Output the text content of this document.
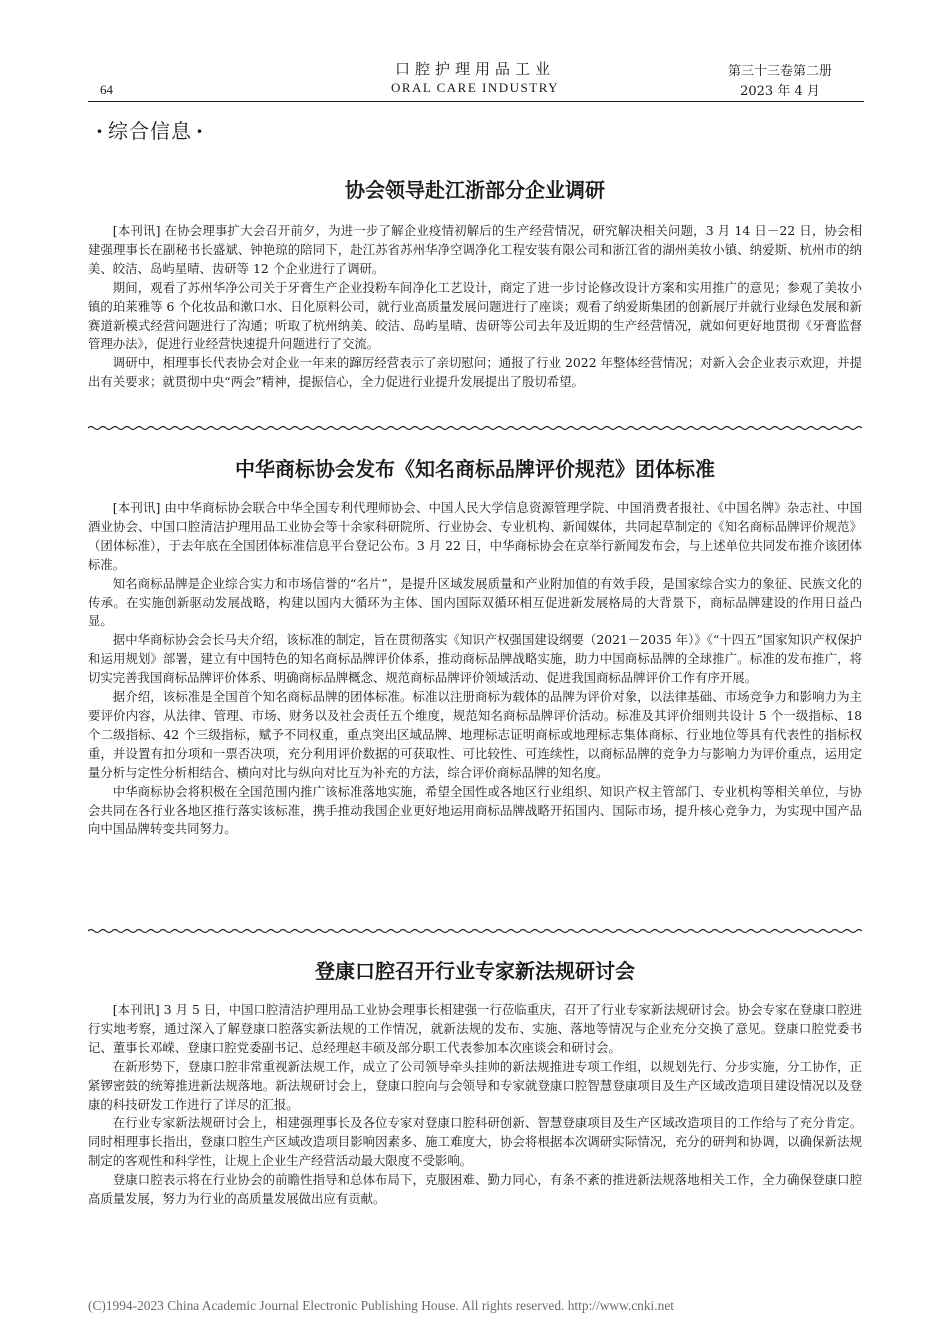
64
口腔护理用品工业
ORAL CARE INDUSTRY
第三十三卷第二册
2023 年 4 月
· 综合信息 ·
协会领导赴江浙部分企业调研

[本刊讯] 在协会理事扩大会召开前夕，为进一步了解企业疫情初解后的生产经营情况，研究解决相关问题，3 月 14 日－22 日，协会相建强理事长在副秘书长盛斌、钟艳琼的陪同下，赴江苏省苏州华净空调净化工程安装有限公司和浙江省的湖州美妆小镇、纳爱斯、杭州市的纳美、皎洁、岛屿星晴、齿研等 12 个企业进行了调研。

期间，观看了苏州华净公司关于牙膏生产企业投粉车间净化工艺设计，商定了进一步讨论修改设计方案和实用推广的意见；参观了美妆小镇的珀莱雅等 6 个化妆品和漱口水、日化原料公司，就行业高质量发展问题进行了座谈；观看了纳爱斯集团的创新展厅并就行业绿色发展和新赛道新模式经营问题进行了沟通；听取了杭州纳美、皎洁、岛屿星晴、齿研等公司去年及近期的生产经营情况，就如何更好地贯彻《牙膏监督管理办法》，促进行业经营快速提升问题进行了交流。

调研中，相理事长代表协会对企业一年来的蹿厉经营表示了亲切慰问；通报了行业 2022 年整体经营情况；对新入会企业表示欢迎，并提出有关要求；就贯彻中央“两会”精神，提振信心，全力促进行业提升发展提出了殷切希望。

中华商标协会发布《知名商标品牌评价规范》团体标准

[本刊讯] 由中华商标协会联合中华全国专利代理师协会、中国人民大学信息资源管理学院、中国消费者报社、《中国名牌》杂志社、中国酒业协会、中国口腔清洁护理用品工业协会等十余家科研院所、行业协会、专业机构、新闻媒体，共同起草制定的《知名商标品牌评价规范》（团体标准），于去年底在全国团体标准信息平台登记公布。3 月 22 日，中华商标协会在京举行新闻发布会，与上述单位共同发布推介该团体标准。

知名商标品牌是企业综合实力和市场信誉的“名片”，是提升区域发展质量和产业附加值的有效手段，是国家综合实力的象征、民族文化的传承。在实施创新驱动发展战略，构建以国内大循环为主体、国内国际双循环相互促进新发展格局的大背景下，商标品牌建设的作用日益凸显。

据中华商标协会会长马夫介绍，该标准的制定，旨在贯彻落实《知识产权强国建设纲要（2021－2035 年）》《“十四五”国家知识产权保护和运用规划》部署，建立有中国特色的知名商标品牌评价体系，推动商标品牌战略实施，助力中国商标品牌的全球推广。标准的发布推广，将切实完善我国商标品牌评价体系、明确商标品牌概念、规范商标品牌评价领域活动、促进我国商标品牌评价工作有序开展。

据介绍，该标准是全国首个知名商标品牌的团体标准。标准以注册商标为载体的品牌为评价对象，以法律基础、市场竞争力和影响力为主要评价内容，从法律、管理、市场、财务以及社会责任五个维度，规范知名商标品牌评价活动。标准及其评价细则共设计 5 个一级指标、18 个二级指标、42 个三级指标，赋予不同权重，重点突出区域品牌、地理标志证明商标或地理标志集体商标、行业地位等具有代表性的指标权重，并设置有扣分项和一票否决项，充分利用评价数据的可获取性、可比较性、可连续性，以商标品牌的竞争力与影响力为评价重点，运用定量分析与定性分析相结合、横向对比与纵向对比互为补充的方法，综合评价商标品牌的知名度。

中华商标协会将积极在全国范围内推广该标准落地实施，希望全国性或各地区行业组织、知识产权主管部门、专业机构等相关单位，与协会共同在各行业各地区推行落实该标准，携手推动我国企业更好地运用商标品牌战略开拓国内、国际市场，提升核心竞争力，为实现中国产品向中国品牌转变共同努力。

登康口腔召开行业专家新法规研讨会

[本刊讯] 3 月 5 日，中国口腔清洁护理用品工业协会理事长相建强一行莅临重庆，召开了行业专家新法规研讨会。协会专家在登康口腔进行实地考察，通过深入了解登康口腔落实新法规的工作情况，就新法规的发布、实施、落地等情况与企业充分交换了意见。登康口腔党委书记、董事长邓嵘、登康口腔党委副书记、总经理赵丰硕及部分职工代表参加本次座谈会和研讨会。

在新形势下，登康口腔非常重视新法规工作，成立了公司领导牵头挂帅的新法规推进专项工作组，以规划先行、分步实施，分工协作，正紧锣密鼓的统筹推进新法规落地。新法规研讨会上，登康口腔向与会领导和专家就登康口腔智慧登康项目及生产区域改造项目建设情况以及登康的科技研发工作进行了详尽的汇报。

在行业专家新法规研讨会上，相建强理事长及各位专家对登康口腔科研创新、智慧登康项目及生产区域改造项目的工作给与了充分肯定。同时相理事长指出，登康口腔生产区域改造项目影响因素多、施工难度大，协会将根据本次调研实际情况，充分的研判和协调，以确保新法规制定的客观性和科学性，让规上企业生产经营活动最大限度不受影响。

登康口腔表示将在行业协会的前瞻性指导和总体布局下，克服困难、勤力同心，有条不紊的推进新法规落地相关工作，全力确保登康口腔高质量发展，努力为行业的高质量发展做出应有贡献。

(C)1994-2023 China Academic Journal Electronic Publishing House. All rights reserved. http://www.cnki.net
